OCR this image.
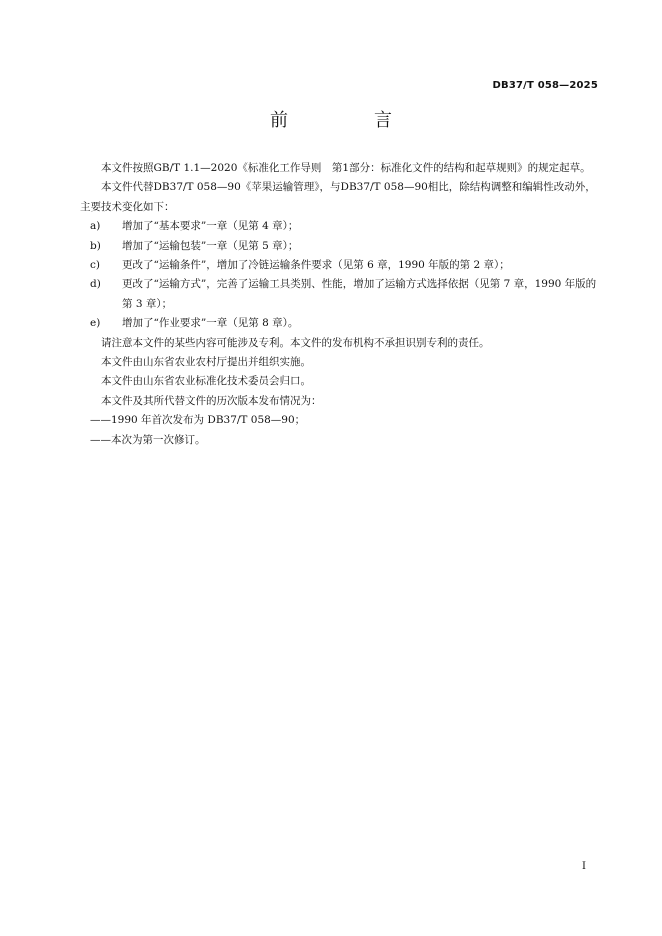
DB37/T 058—2025
前　言

本文件按照GB/T 1.1—2020《标准化工作导则　第1部分：标准化文件的结构和起草规则》的规定起草。

本文件代替DB37/T 058—90《苹果运输管理》，与DB37/T 058—90相比，除结构调整和编辑性改动外，主要技术变化如下：

a)	增加了“基本要求”一章（见第 4 章）；
b)	增加了“运输包装”一章（见第 5 章）；
c)	更改了“运输条件”，增加了冷链运输条件要求（见第 6 章，1990 年版的第 2 章）；
d)	更改了“运输方式”，完善了运输工具类别、性能，增加了运输方式选择依据（见第 7 章，1990 年版的第 3 章）；
e)	增加了“作业要求”一章（见第 8 章）。

请注意本文件的某些内容可能涉及专利。本文件的发布机构不承担识别专利的责任。

本文件由山东省农业农村厅提出并组织实施。

本文件由山东省农业标准化技术委员会归口。

本文件及其所代替文件的历次版本发布情况为：

——1990 年首次发布为 DB37/T 058—90；

——本次为第一次修订。

I
